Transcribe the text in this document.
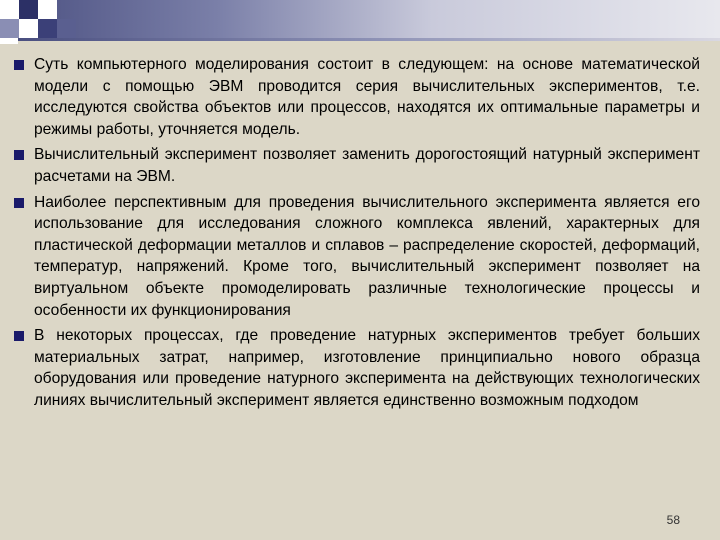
Суть компьютерного моделирования состоит в следующем: на основе математической модели с помощью ЭВМ проводится серия вычислительных экспериментов, т.е. исследуются свойства объектов или процессов, находятся их оптимальные параметры и режимы работы, уточняется модель.
Вычислительный эксперимент позволяет заменить дорогостоящий натурный эксперимент расчетами на ЭВМ.
Наиболее перспективным для проведения вычислительного эксперимента является его использование для исследования сложного комплекса явлений, характерных для пластической деформации металлов и сплавов – распределение скоростей, деформаций, температур, напряжений. Кроме того, вычислительный эксперимент позволяет на виртуальном объекте промоделировать различные технологические процессы и особенности их функционирования
В некоторых процессах, где проведение натурных экспериментов требует больших материальных затрат, например, изготовление принципиально нового образца оборудования или проведение натурного эксперимента на действующих технологических линиях вычислительный эксперимент является единственно возможным подходом
58
